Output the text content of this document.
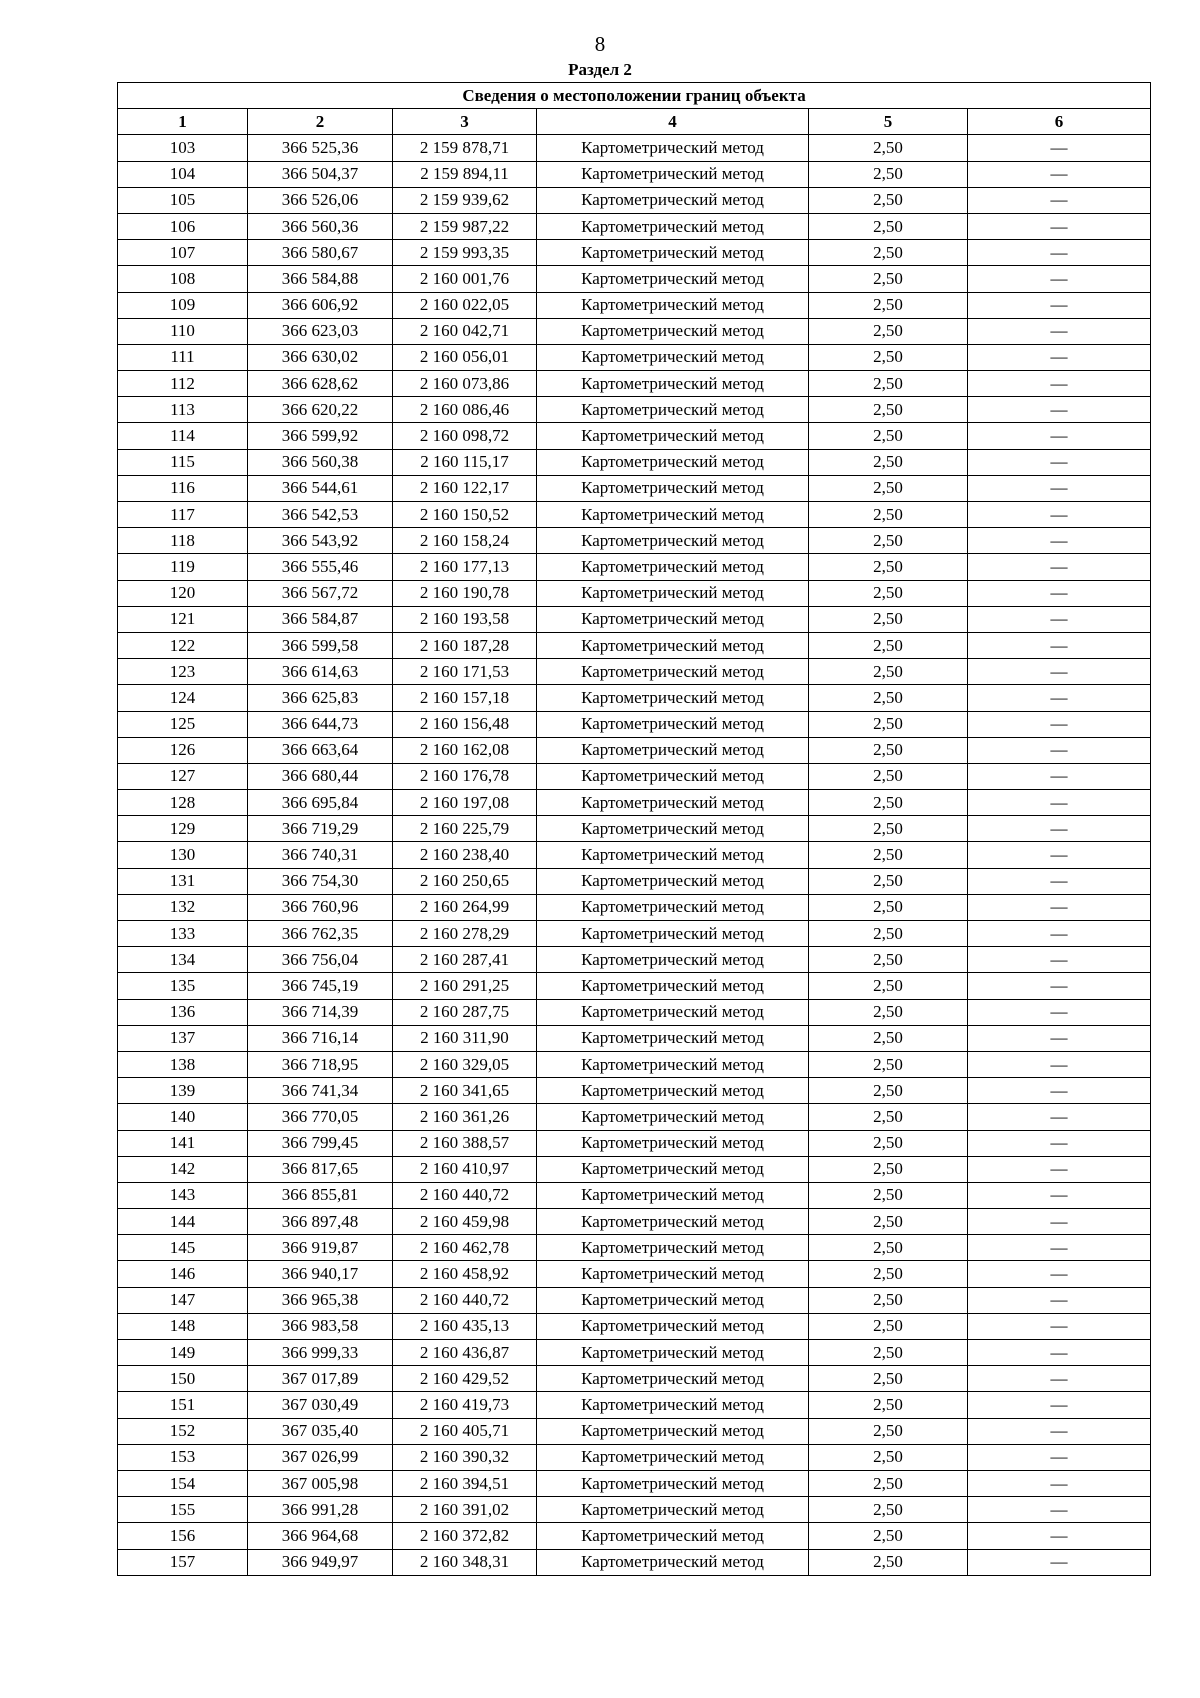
8
Раздел 2
Сведения о местоположении границ объекта					
1	2	3	4	5	6
103	366 525,36	2 159 878,71	Картометрический метод	2,50	—
104	366 504,37	2 159 894,11	Картометрический метод	2,50	—
105	366 526,06	2 159 939,62	Картометрический метод	2,50	—
106	366 560,36	2 159 987,22	Картометрический метод	2,50	—
107	366 580,67	2 159 993,35	Картометрический метод	2,50	—
108	366 584,88	2 160 001,76	Картометрический метод	2,50	—
109	366 606,92	2 160 022,05	Картометрический метод	2,50	—
110	366 623,03	2 160 042,71	Картометрический метод	2,50	—
111	366 630,02	2 160 056,01	Картометрический метод	2,50	—
112	366 628,62	2 160 073,86	Картометрический метод	2,50	—
113	366 620,22	2 160 086,46	Картометрический метод	2,50	—
114	366 599,92	2 160 098,72	Картометрический метод	2,50	—
115	366 560,38	2 160 115,17	Картометрический метод	2,50	—
116	366 544,61	2 160 122,17	Картометрический метод	2,50	—
117	366 542,53	2 160 150,52	Картометрический метод	2,50	—
118	366 543,92	2 160 158,24	Картометрический метод	2,50	—
119	366 555,46	2 160 177,13	Картометрический метод	2,50	—
120	366 567,72	2 160 190,78	Картометрический метод	2,50	—
121	366 584,87	2 160 193,58	Картометрический метод	2,50	—
122	366 599,58	2 160 187,28	Картометрический метод	2,50	—
123	366 614,63	2 160 171,53	Картометрический метод	2,50	—
124	366 625,83	2 160 157,18	Картометрический метод	2,50	—
125	366 644,73	2 160 156,48	Картометрический метод	2,50	—
126	366 663,64	2 160 162,08	Картометрический метод	2,50	—
127	366 680,44	2 160 176,78	Картометрический метод	2,50	—
128	366 695,84	2 160 197,08	Картометрический метод	2,50	—
129	366 719,29	2 160 225,79	Картометрический метод	2,50	—
130	366 740,31	2 160 238,40	Картометрический метод	2,50	—
131	366 754,30	2 160 250,65	Картометрический метод	2,50	—
132	366 760,96	2 160 264,99	Картометрический метод	2,50	—
133	366 762,35	2 160 278,29	Картометрический метод	2,50	—
134	366 756,04	2 160 287,41	Картометрический метод	2,50	—
135	366 745,19	2 160 291,25	Картометрический метод	2,50	—
136	366 714,39	2 160 287,75	Картометрический метод	2,50	—
137	366 716,14	2 160 311,90	Картометрический метод	2,50	—
138	366 718,95	2 160 329,05	Картометрический метод	2,50	—
139	366 741,34	2 160 341,65	Картометрический метод	2,50	—
140	366 770,05	2 160 361,26	Картометрический метод	2,50	—
141	366 799,45	2 160 388,57	Картометрический метод	2,50	—
142	366 817,65	2 160 410,97	Картометрический метод	2,50	—
143	366 855,81	2 160 440,72	Картометрический метод	2,50	—
144	366 897,48	2 160 459,98	Картометрический метод	2,50	—
145	366 919,87	2 160 462,78	Картометрический метод	2,50	—
146	366 940,17	2 160 458,92	Картометрический метод	2,50	—
147	366 965,38	2 160 440,72	Картометрический метод	2,50	—
148	366 983,58	2 160 435,13	Картометрический метод	2,50	—
149	366 999,33	2 160 436,87	Картометрический метод	2,50	—
150	367 017,89	2 160 429,52	Картометрический метод	2,50	—
151	367 030,49	2 160 419,73	Картометрический метод	2,50	—
152	367 035,40	2 160 405,71	Картометрический метод	2,50	—
153	367 026,99	2 160 390,32	Картометрический метод	2,50	—
154	367 005,98	2 160 394,51	Картометрический метод	2,50	—
155	366 991,28	2 160 391,02	Картометрический метод	2,50	—
156	366 964,68	2 160 372,82	Картометрический метод	2,50	—
157	366 949,97	2 160 348,31	Картометрический метод	2,50	—
